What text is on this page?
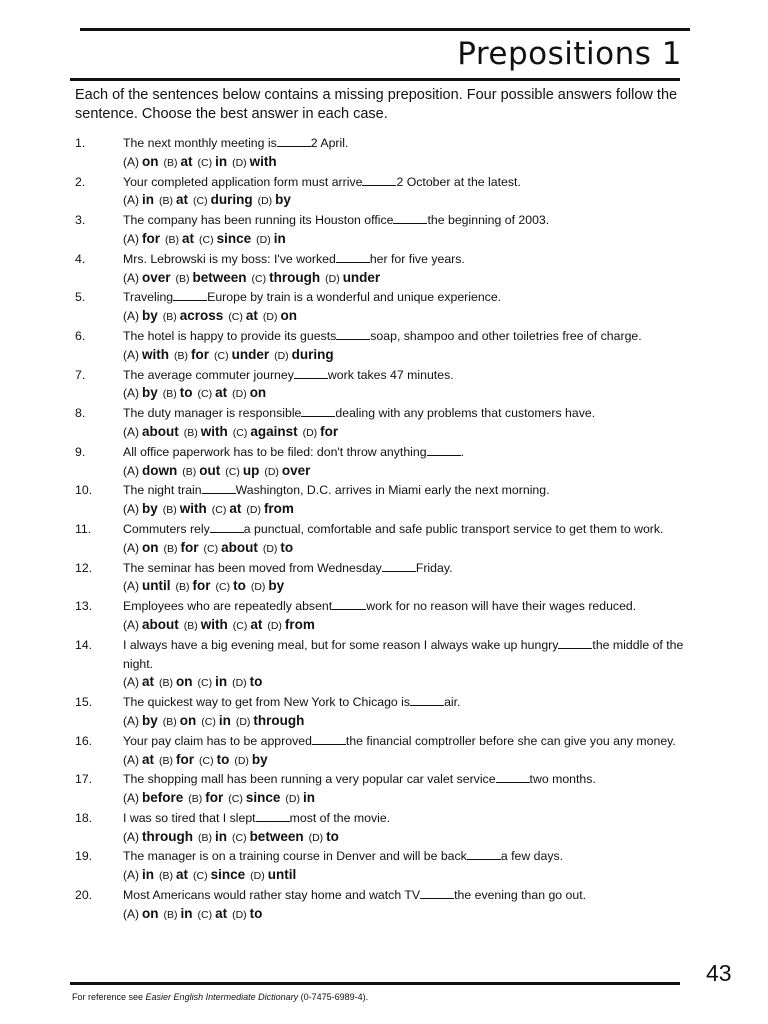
Prepositions 1
Each of the sentences below contains a missing preposition. Four possible answers follow the sentence. Choose the best answer in each case.
1.	The next monthly meeting is	2 April.
(A) on (B) at (C) in (D) with
2.	Your completed application form must arrive	2 October at the latest.
(A) in (B) at (C) during (D) by
3.	The company has been running its Houston office	the beginning of 2003.
(A) for (B) at (C) since (D) in
4.	Mrs. Lebrowski is my boss: I've worked	her for five years.
(A) over (B) between (C) through (D) under
5.	Traveling	Europe by train is a wonderful and unique experience.
(A) by (B) across (C) at (D) on
6.	The hotel is happy to provide its guests	soap, shampoo and other toiletries free of charge.
(A) with (B) for (C) under (D) during
7.	The average commuter journey	work takes 47 minutes.
(A) by (B) to (C) at (D) on
8.	The duty manager is responsible	dealing with any problems that customers have.
(A) about (B) with (C) against (D) for
9.	All office paperwork has to be filed: don't throw anything	.
(A) down (B) out (C) up (D) over
10.	The night train	Washington, D.C. arrives in Miami early the next morning.
(A) by (B) with (C) at (D) from
11.	Commuters rely	a punctual, comfortable and safe public transport service to get them to work.
(A) on (B) for (C) about (D) to
12.	The seminar has been moved from Wednesday	Friday.
(A) until (B) for (C) to (D) by
13.	Employees who are repeatedly absent	work for no reason will have their wages reduced.
(A) about (B) with (C) at (D) from
14.	I always have a big evening meal, but for some reason I always wake up hungry	the middle of the night.
(A) at (B) on (C) in (D) to
15.	The quickest way to get from New York to Chicago is	air.
(A) by (B) on (C) in (D) through
16.	Your pay claim has to be approved	the financial comptroller before she can give you any money.
(A) at (B) for (C) to (D) by
17.	The shopping mall has been running a very popular car valet service	two months.
(A) before (B) for (C) since (D) in
18.	I was so tired that I slept	most of the movie.
(A) through (B) in (C) between (D) to
19.	The manager is on a training course in Denver and will be back	a few days.
(A) in (B) at (C) since (D) until
20.	Most Americans would rather stay home and watch TV	the evening than go out.
(A) on (B) in (C) at (D) to
43
For reference see Easier English Intermediate Dictionary (0-7475-6989-4).
